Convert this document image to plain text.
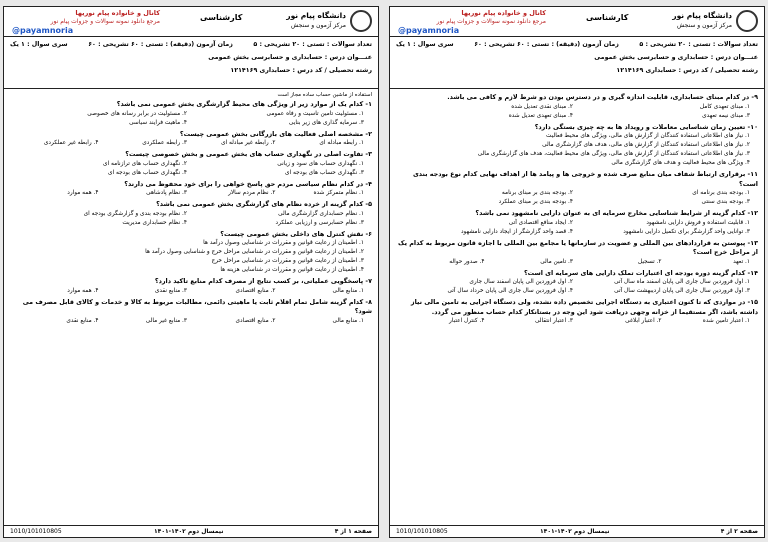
دانشگاه پیام نور
مرکز آزمون و سنجش
کارشناسی
کانال و خانواده پیام نوریها
مرجع دانلود نمونه سوالات و جزوات پیام نور
@payamnoria
تعداد سوالات : تستی : ۲۰ تشریحی : ۵
زمان آزمون (دقیقه) : تستی : ۶۰ تشریحی : ۶۰
سری سوال : ۱ یک
عنـــوان درس : حسابداری و حسابرسی بخش عمومی
رشته تحصیلی / کد درس : حسابداری ۱۲۱۴۱۶۹
استفاده از ماشین حساب ساده مجاز است
۱- کدام یک از موارد زیر از ویژگی های محیط گزارشگری بخش عمومی نمی باشد؟
۱. مسئولیت تامین تاسیت و رفاه عمومی
۲. مسئولیت در برابر رسانه های خصوصی
۳. سرمایه گذاری های زیر بنایی
۴. ماهیت فرایند سیاسی
۲- مشخصه اصلی فعالیت های بازرگانی بخش عمومی چیست؟
۱. رابطه مبادله ای
۲. رابطه غیر مبادله ای
۳. رابطه عملکردی
۴. رابطه غیر عملکردی
۳- تفاوت اصلی در نگهداری حساب های بخش عمومی و بخش خصوصی چیست؟
۱. نگهداری حساب های سود و زیانی
۲. نگهداری حساب های ترازنامه ای
۳. نگهداری حساب های بودجه ای
۴. نگهداری حساب های بودجه ای
۴- در کدام نظام سیاسی مردم حق پاسخ خواهی را برای خود محفوظ می دارند؟
۱. نظام متمرکز شده
۲. نظام مردم سالار
۳. نظام پادشاهی
۴. همه موارد
۵- کدام گزینه از خرده نظام های گزارشگری بخش عمومی نمی باشد؟
۱. نظام حسابداری گزارشگری مالی
۲. نظام بودجه بندی و گزارشگری بودجه ای
۳. نظام حسابرسی و ارزیابی عملکرد
۴. نظام حسابداری مدیریت
۶- نقش کنترل های داخلی بخش عمومی چیست؟
۱. اطمینان از رعایت قوانین و مقررات در شناسایی وصول درآمد ها
۲. اطمینان از رعایت قوانین و مقررات در شناسایی مراحل خرج و شناسایی وصول درآمد ها
۳. اطمینان از رعایت قوانین و مقررات در شناسایی مراحل خرج
۴. اطمینان از رعایت قوانین و مقررات در شناسایی هزینه ها
۷- پاسخگویی عملیاتی، بر کسب نتایج از مصرف کدام منابع تاکید دارد؟
۱. منابع مالی
۲. منابع اقتصادی
۳. منابع نقدی
۴. همه موارد
۸- کدام گزینه شامل تمام اقلام ثابت یا ماهیتی دائمی، مطالبات مربوط به کالا و خدمات و کالای قابل مصرف می شود؟
۱. منابع مالی
۲. منابع اقتصادی
۳. منابع غیر مالی
۴. منابع نقدی
صفحه ۱ از ۴
نیمسال دوم ۱۴۰۲-۱۴۰۱
1010/101010805
دانشگاه پیام نور
مرکز آزمون و سنجش
کارشناسی
کانال و خانواده پیام نوریها
مرجع دانلود نمونه سوالات و جزوات پیام نور
@payamnoria
تعداد سوالات : تستی : ۲۰ تشریحی : ۵
زمان آزمون (دقیقه) : تستی : ۶۰ تشریحی : ۶۰
سری سوال : ۱ یک
عنـــوان درس : حسابداری و حسابرسی بخش عمومی
رشته تحصیلی / کد درس : حسابداری ۱۲۱۴۱۶۹
۹- در کدام مبنای حسابداری، قابلیت اندازه گیری و در دسترس بودن دو شرط لازم و کافی می باشد.
۱. مبنای تعهدی کامل
۲. مبنای نقدی تعدیل شده
۳. مبنای نیمه تعهدی
۴. مبنای تعهدی تعدیل شده
۱۰- تعیین زمان شناسایی معاملات و رویداد ها به چه چیزی بستگی دارد؟
۱. نیاز های اطلاعاتی استفاده کنندگان از گزارش های مالی، ویژگی های محیط فعالیت
۲. نیاز های اطلاعاتی استفاده کنندگان از گزارش های مالی، هدف های گزارشگری مالی
۳. نیاز های اطلاعاتی استفاده کنندگان از گزارش های مالی، ویژگی های محیط فعالیت، هدف های گزارشگری مالی
۴. ویژگی های محیط فعالیت و هدف های گزارشگری مالی
۱۱- برقراری ارتباط شفاف میان منابع صرف شده و خروجی ها و پیامد ها از اهداف نهایی کدام نوع بودجه بندی است؟
۱. بودجه بندی برنامه ای
۲. بودجه بندی بر مبنای برنامه
۳. بودجه بندی سنتی
۴. بودجه بندی بر مبنای عملکرد
۱۲- کدام گزینه از شرایط شناسایی مخارج سرمایه ای به عنوان دارایی نامشهود نمی باشد؟
۱. قابلیت استفاده و فروش دارایی نامشهود
۲. ایجاد منافع اقتصادی آتی
۳. توانایی واحد گزارشگر برای تکمیل دارایی نامشهود
۴. قصد واحد گزارشگر از ایجاد دارایی نامشهود
۱۳- پیوستن به قراردادهای بین المللی و عضویت در سازمانها یا مجامع بین المللی با اجازه قانون مربوط به کدام یک از مراحل خرج است؟
۱. تعهد
۲. تسجیل
۳. تامین مالی
۴. صدور حواله
۱۴- کدام گزینه دوره بودجه ای اعتبارات تملک دارایی های سرمایه ای است؟
۱. اول فروردین سال جاری الی پایان اسفند ماه سال آتی
۲. اول فروردین الی پایان اسفند سال جاری
۳. اول فروردین سال جاری الی پایان اردیبهشت سال آتی
۴. اول فروردین سال جاری الی پایان خرداد سال آتی
۱۵- در مواردی که تا کنون اعتباری به دستگاه اجرایی تخصیص داده نشده، ولی دستگاه اجرایی به تامین مالی نیاز داشته باشد، اگر مستقیما از خزانه وجهی دریافت شود این وجه در بستانکار کدام حساب منظور می گردد.
۱. اعتبار تامین شده
۲. اعتبار ابلاغی
۳. اعتبار انتقالی
۴. کنترل اعتبار
صفحه ۲ از ۴
نیمسال دوم ۱۴۰۲-۱۴۰۱
1010/101010805
